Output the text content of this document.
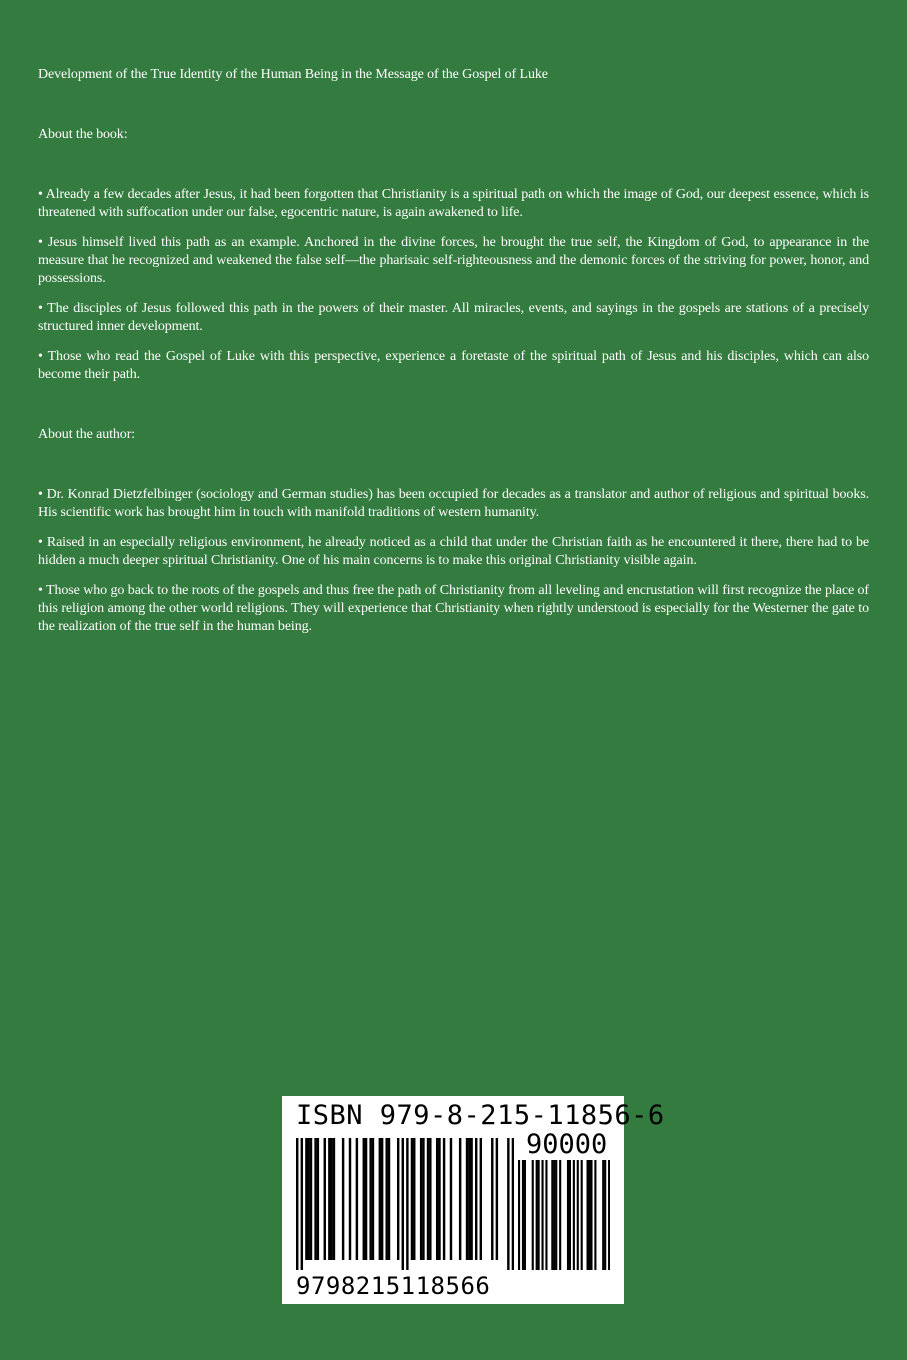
Development of the True Identity of the Human Being in the Message of the Gospel of Luke

About the book:

• Already a few decades after Jesus, it had been forgotten that Christianity is a spiritual path on which the image of God, our deepest essence, which is threatened with suffocation under our false, egocentric nature, is again awakened to life.

• Jesus himself lived this path as an example. Anchored in the divine forces, he brought the true self, the Kingdom of God, to appearance in the measure that he recognized and weakened the false self—the pharisaic self-righteousness and the demonic forces of the striving for power, honor, and possessions.

• The disciples of Jesus followed this path in the powers of their master. All miracles, events, and sayings in the gospels are stations of a precisely structured inner development.

• Those who read the Gospel of Luke with this perspective, experience a foretaste of the spiritual path of Jesus and his disciples, which can also become their path.

About the author:

• Dr. Konrad Dietzfelbinger (sociology and German studies) has been occupied for decades as a translator and author of religious and spiritual books. His scientific work has brought him in touch with manifold traditions of western humanity.

• Raised in an especially religious environment, he already noticed as a child that under the Christian faith as he encountered it there, there had to be hidden a much deeper spiritual Christianity. One of his main concerns is to make this original Christianity visible again.

• Those who go back to the roots of the gospels and thus free the path of Christianity from all leveling and encrustation will first recognize the place of this religion among the other world religions. They will experience that Christianity when rightly understood is especially for the Westerner the gate to the realization of the true self in the human being.

ISBN 979-8-215-11856-6
90000
9798215118566
